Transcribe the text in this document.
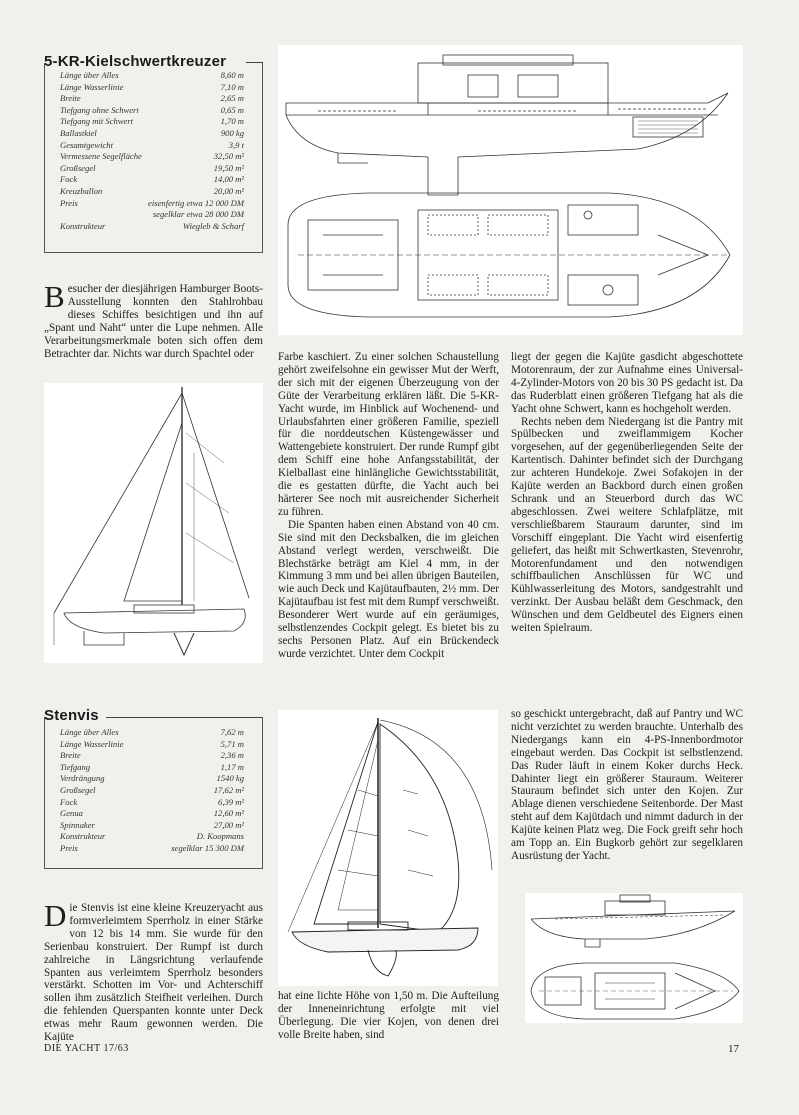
5-KR-Kielschwertkreuzer
Länge über Alles	8,60 m
Länge Wasserlinie	7,10 m
Breite	2,65 m
Tiefgang ohne Schwert	0,65 m
Tiefgang mit Schwert	1,70 m
Ballastkiel	900 kg
Gesamtgewicht	3,9 t
Vermessene Segelfläche	32,50 m²
Großsegel	19,50 m²
Fock	14,00 m²
Kreuzballon	20,00 m²
Preis	eisenfertig etwa 12 000 DM
segelklar etwa 28 000 DM
Konstrukteur	Wiegleb & Scharf

Besucher der diesjährigen Hamburger Boots-Ausstellung konnten den Stahlrohbau dieses Schiffes besichtigen und ihn auf „Spant und Naht“ unter die Lupe nehmen. Alle Verarbeitungsmerkmale boten sich offen dem Betrachter dar. Nichts war durch Spachtel oder	Farbe kaschiert. Zu einer solchen Schaustellung gehört zweifelsohne ein gewisser Mut der Werft, der sich mit der eigenen Überzeugung von der Güte der Verarbeitung erklären läßt. Die 5-KR-Yacht wurde, im Hinblick auf Wochenend- und Urlaubsfahrten einer größeren Familie, speziell für die norddeutschen Küstengewässer und Wattengebiete konstruiert. Der runde Rumpf gibt dem Schiff eine hohe Anfangsstabilität, der Kielballast eine hinlängliche Gewichtsstabilität, die es gestatten dürfte, die Yacht auch bei härterer See noch mit ausreichender Sicherheit zu führen.

Die Spanten haben einen Abstand von 40 cm. Sie sind mit den Decksbalken, die im gleichen Abstand verlegt werden, verschweißt. Die Blechstärke beträgt am Kiel 4 mm, in der Kimmung 3 mm und bei allen übrigen Bauteilen, wie auch Deck und Kajütaufbauten, 2½ mm. Der Kajütaufbau ist fest mit dem Rumpf verschweißt. Besonderer Wert wurde auf ein geräumiges, selbstlenzendes Cockpit gelegt. Es bietet bis zu sechs Personen Platz. Auf ein Brückendeck wurde verzichtet. Unter dem Cockpit

liegt der gegen die Kajüte gasdicht abgeschottete Motorenraum, der zur Aufnahme eines Universal-4-Zylinder-Motors von 20 bis 30 PS gedacht ist. Da das Ruderblatt einen größeren Tiefgang hat als die Yacht ohne Schwert, kann es hochgeholt werden.

Rechts neben dem Niedergang ist die Pantry mit Spülbecken und zweiflammigem Kocher vorgesehen, auf der gegenüberliegenden Seite der Kartentisch. Dahinter befindet sich der Durchgang zur achteren Hundekoje. Zwei Sofakojen in der Kajüte werden an Backbord durch einen großen Schrank und an Steuerbord durch das WC abgeschlossen. Zwei weitere Schlafplätze, mit verschließbarem Stauraum darunter, sind im Vorschiff eingeplant. Die Yacht wird eisenfertig geliefert, das heißt mit Schwertkasten, Stevenrohr, Motorenfundament und den notwendigen schiffbaulichen Anschlüssen für WC und Kühlwasserleitung des Motors, sandgestrahlt und verzinkt. Der Ausbau beläßt dem Geschmack, den Wünschen und dem Geldbeutel des Eigners einen weiten Spielraum.

Stenvis
Länge über Alles	7,62 m
Länge Wasserlinie	5,71 m
Breite	2,36 m
Tiefgang	1,17 m
Verdrängung	1540 kg
Großsegel	17,62 m²
Fock	6,39 m²
Genua	12,60 m²
Spinnaker	27,00 m²
Konstrukteur	D. Koopmans
Preis	segelklar 15 300 DM

Die Stenvis ist eine kleine Kreuzeryacht aus formverleimtem Sperrholz in einer Stärke von 12 bis 14 mm. Sie wurde für den Serienbau konstruiert. Der Rumpf ist durch zahlreiche in Längsrichtung verlaufende Spanten aus verleimtem Sperrholz besonders verstärkt. Schotten im Vor- und Achterschiff sollen ihm zusätzlich Steifheit verleihen. Durch die fehlenden Querspanten konnte unter Deck etwas mehr Raum gewonnen werden. Die Kajüte

hat eine lichte Höhe von 1,50 m. Die Aufteilung der Inneneinrichtung erfolgte mit viel Überlegung. Die vier Kojen, von denen drei volle Breite haben, sind

so geschickt untergebracht, daß auf Pantry und WC nicht verzichtet zu werden brauchte. Unterhalb des Niedergangs kann ein 4-PS-Innenbordmotor eingebaut werden. Das Cockpit ist selbstlenzend. Das Ruder läuft in einem Koker durchs Heck. Dahinter liegt ein größerer Stauraum. Weiterer Stauraum befindet sich unter den Kojen. Zur Ablage dienen verschiedene Seitenborde. Der Mast steht auf dem Kajütdach und nimmt dadurch in der Kajüte keinen Platz weg. Die Fock greift sehr hoch am Topp an. Ein Bugkorb gehört zur segelklaren Ausrüstung der Yacht.

DIE YACHT 17/63	17
